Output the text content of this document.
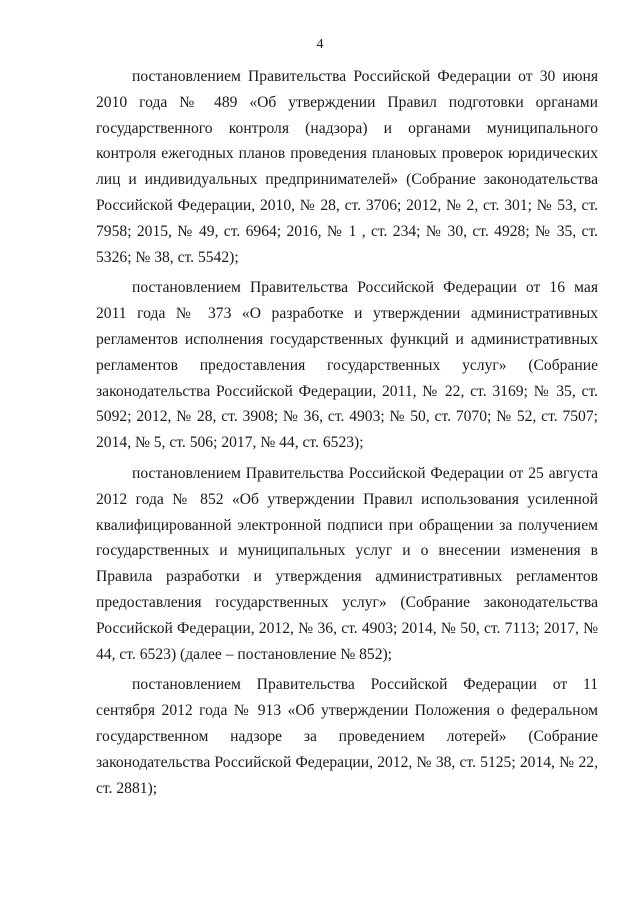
4

постановлением Правительства Российской Федерации от 30 июня 2010 года № 489 «Об утверждении Правил подготовки органами государственного контроля (надзора) и органами муниципального контроля ежегодных планов проведения плановых проверок юридических лиц и индивидуальных предпринимателей» (Собрание законодательства Российской Федерации, 2010, № 28, ст. 3706; 2012, № 2, ст. 301; № 53, ст. 7958; 2015, № 49, ст. 6964; 2016, № 1 , ст. 234; № 30, ст. 4928; № 35, ст. 5326; № 38, ст. 5542);

постановлением Правительства Российской Федерации от 16 мая 2011 года № 373 «О разработке и утверждении административных регламентов исполнения государственных функций и административных регламентов предоставления государственных услуг» (Собрание законодательства Российской Федерации, 2011, № 22, ст. 3169; № 35, ст. 5092; 2012, № 28, ст. 3908; № 36, ст. 4903; № 50, ст. 7070; № 52, ст. 7507; 2014, № 5, ст. 506; 2017, № 44, ст. 6523);

постановлением Правительства Российской Федерации от 25 августа 2012 года № 852 «Об утверждении Правил использования усиленной квалифицированной электронной подписи при обращении за получением государственных и муниципальных услуг и о внесении изменения в Правила разработки и утверждения административных регламентов предоставления государственных услуг» (Собрание законодательства Российской Федерации, 2012, № 36, ст. 4903; 2014, № 50, ст. 7113; 2017, № 44, ст. 6523) (далее – постановление № 852);

постановлением Правительства Российской Федерации от 11 сентября 2012 года № 913 «Об утверждении Положения о федеральном государственном надзоре за проведением лотерей» (Собрание законодательства Российской Федерации, 2012, № 38, ст. 5125; 2014, № 22, ст. 2881);
